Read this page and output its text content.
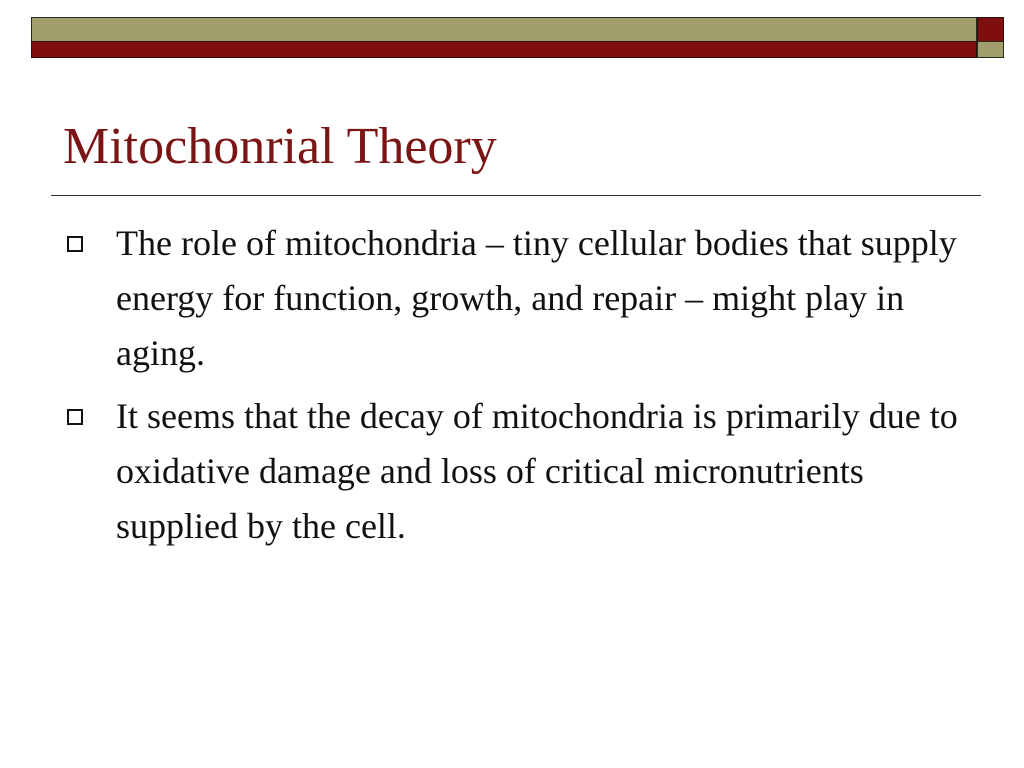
Mitochonrial Theory
The role of mitochondria – tiny cellular bodies that supply energy for function, growth, and repair – might play in aging.
It seems that the decay of mitochondria is primarily due to oxidative damage and loss of critical micronutrients supplied by the cell.
